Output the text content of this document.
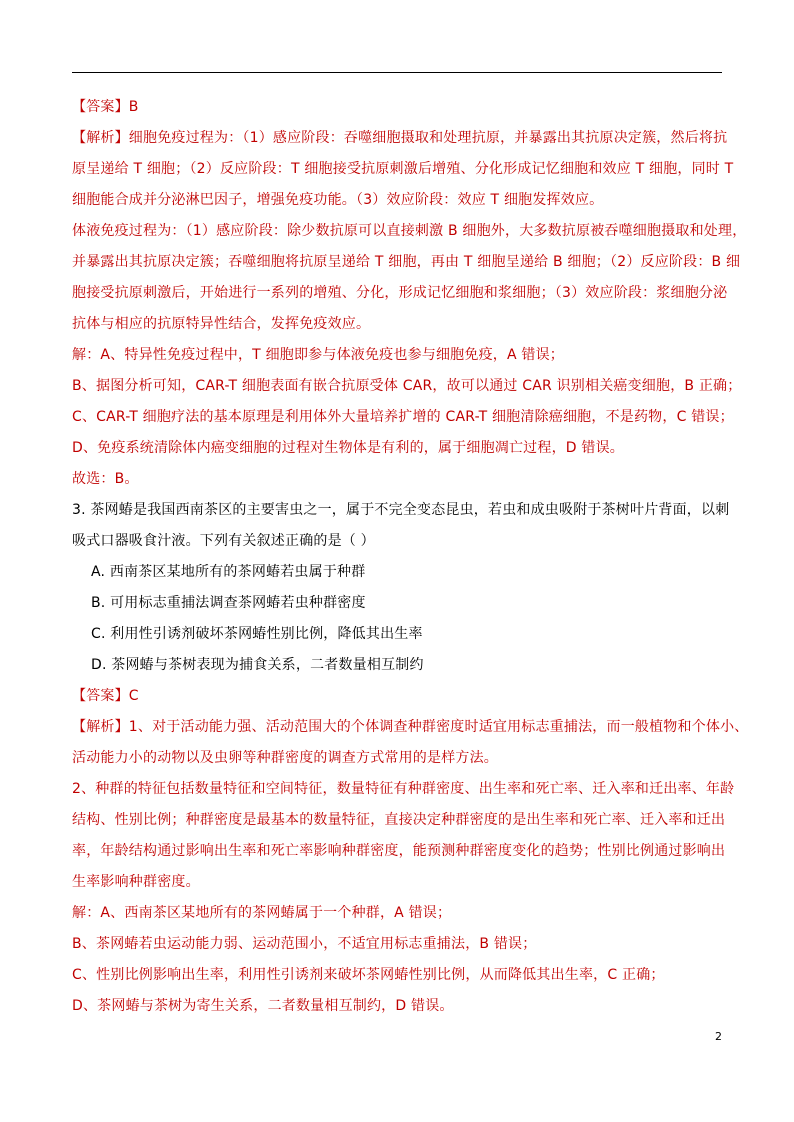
【答案】B
【解析】细胞免疫过程为：（1）感应阶段：吞噬细胞摄取和处理抗原，并暴露出其抗原决定簇，然后将抗
原呈递给 T 细胞；（2）反应阶段：T 细胞接受抗原刺激后增殖、分化形成记忆细胞和效应 T 细胞，同时 T
细胞能合成并分泌淋巴因子，增强免疫功能。（3）效应阶段：效应 T 细胞发挥效应。
体液免疫过程为：（1）感应阶段：除少数抗原可以直接刺激 B 细胞外，大多数抗原被吞噬细胞摄取和处理，
并暴露出其抗原决定簇；吞噬细胞将抗原呈递给 T 细胞，再由 T 细胞呈递给 B 细胞；（2）反应阶段：B 细
胞接受抗原刺激后，开始进行一系列的增殖、分化，形成记忆细胞和浆细胞；（3）效应阶段：浆细胞分泌
抗体与相应的抗原特异性结合，发挥免疫效应。
解：A、特异性免疫过程中，T 细胞即参与体液免疫也参与细胞免疫，A 错误；
B、据图分析可知，CAR-T 细胞表面有嵌合抗原受体 CAR，故可以通过 CAR 识别相关癌变细胞，B 正确；
C、CAR-T 细胞疗法的基本原理是利用体外大量培养扩增的 CAR-T 细胞清除癌细胞，不是药物，C 错误；
D、免疫系统清除体内癌变细胞的过程对生物体是有利的，属于细胞凋亡过程，D 错误。
故选：B。
3. 茶网蝽是我国西南茶区的主要害虫之一，属于不完全变态昆虫，若虫和成虫吸附于茶树叶片背面，以刺
吸式口器吸食汁液。下列有关叙述正确的是（ ）
A. 西南茶区某地所有的茶网蝽若虫属于种群
B. 可用标志重捕法调查茶网蝽若虫种群密度
C. 利用性引诱剂破坏茶网蝽性别比例，降低其出生率
D. 茶网蝽与茶树表现为捕食关系，二者数量相互制约
【答案】C
【解析】1、对于活动能力强、活动范围大的个体调查种群密度时适宜用标志重捕法，而一般植物和个体小、
活动能力小的动物以及虫卵等种群密度的调查方式常用的是样方法。
2、种群的特征包括数量特征和空间特征，数量特征有种群密度、出生率和死亡率、迁入率和迁出率、年龄
结构、性别比例；种群密度是最基本的数量特征，直接决定种群密度的是出生率和死亡率、迁入率和迁出
率，年龄结构通过影响出生率和死亡率影响种群密度，能预测种群密度变化的趋势；性别比例通过影响出
生率影响种群密度。
解：A、西南茶区某地所有的茶网蝽属于一个种群，A 错误；
B、茶网蝽若虫运动能力弱、运动范围小，不适宜用标志重捕法，B 错误；
C、性别比例影响出生率，利用性引诱剂来破坏茶网蝽性别比例，从而降低其出生率，C 正确；
D、茶网蝽与茶树为寄生关系，二者数量相互制约，D 错误。
2
